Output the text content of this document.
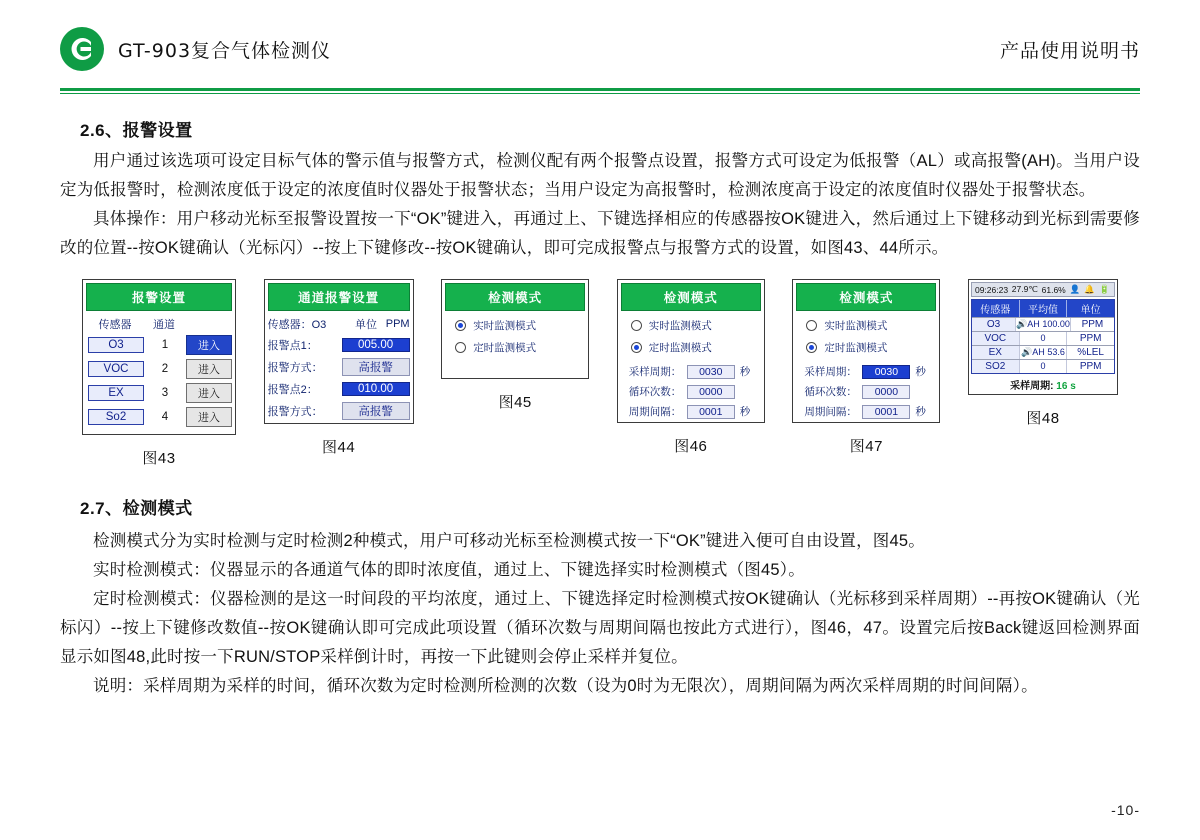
GT-903复合气体检测仪	产品使用说明书
2.6、报警设置

用户通过该选项可设定目标气体的警示值与报警方式，检测仪配有两个报警点设置，报警方式可设定为低报警（AL）或高报警(AH)。当用户设定为低报警时，检测浓度低于设定的浓度值时仪器处于报警状态；当用户设定为高报警时，检测浓度高于设定的浓度值时仪器处于报警状态。

具体操作：用户移动光标至报警设置按一下“OK”键进入，再通过上、下键选择相应的传感器按OK键进入，然后通过上下键移动到光标到需要修改的位置--按OK键确认（光标闪）--按上下键修改--按OK键确认，即可完成报警点与报警方式的设置，如图43、44所示。

报警设置
传感器	通道
O3	1	进入
VOC	2	进入
EX	3	进入
So2	4	进入
图43
通道报警设置
传感器：O3	单位 PPM
报警点1：	005.00
报警方式：	高报警
报警点2：	010.00
报警方式：	高报警
图44
检测模式
实时监测模式
定时监测模式
图45
检测模式
实时监测模式
定时监测模式
采样周期：	0030	秒
循环次数：	0000
周期间隔：	0001	秒
图46
检测模式
实时监测模式
定时监测模式
采样周期：	0030	秒
循环次数：	0000
周期间隔：	0001	秒
图47
09:26:23 27.9℃ 61.6% 👤 🔔 🔋
传感器	平均值	单位
O3	🔊AH 100.00	PPM
VOC	0	PPM
EX	🔊AH 53.6	%LEL
SO2	0	PPM
采样周期: 16 s
图48
2.7、检测模式

检测模式分为实时检测与定时检测2种模式，用户可移动光标至检测模式按一下“OK”键进入便可自由设置，图45。

实时检测模式：仪器显示的各通道气体的即时浓度值，通过上、下键选择实时检测模式（图45）。

定时检测模式：仪器检测的是这一时间段的平均浓度，通过上、下键选择定时检测模式按OK键确认（光标移到采样周期）--再按OK键确认（光标闪）--按上下键修改数值--按OK键确认即可完成此项设置（循环次数与周期间隔也按此方式进行），图46，47。设置完后按Back键返回检测界面显示如图48,此时按一下RUN/STOP采样倒计时，再按一下此键则会停止采样并复位。

说明：采样周期为采样的时间，循环次数为定时检测所检测的次数（设为0时为无限次），周期间隔为两次采样周期的时间间隔）。

-10-
